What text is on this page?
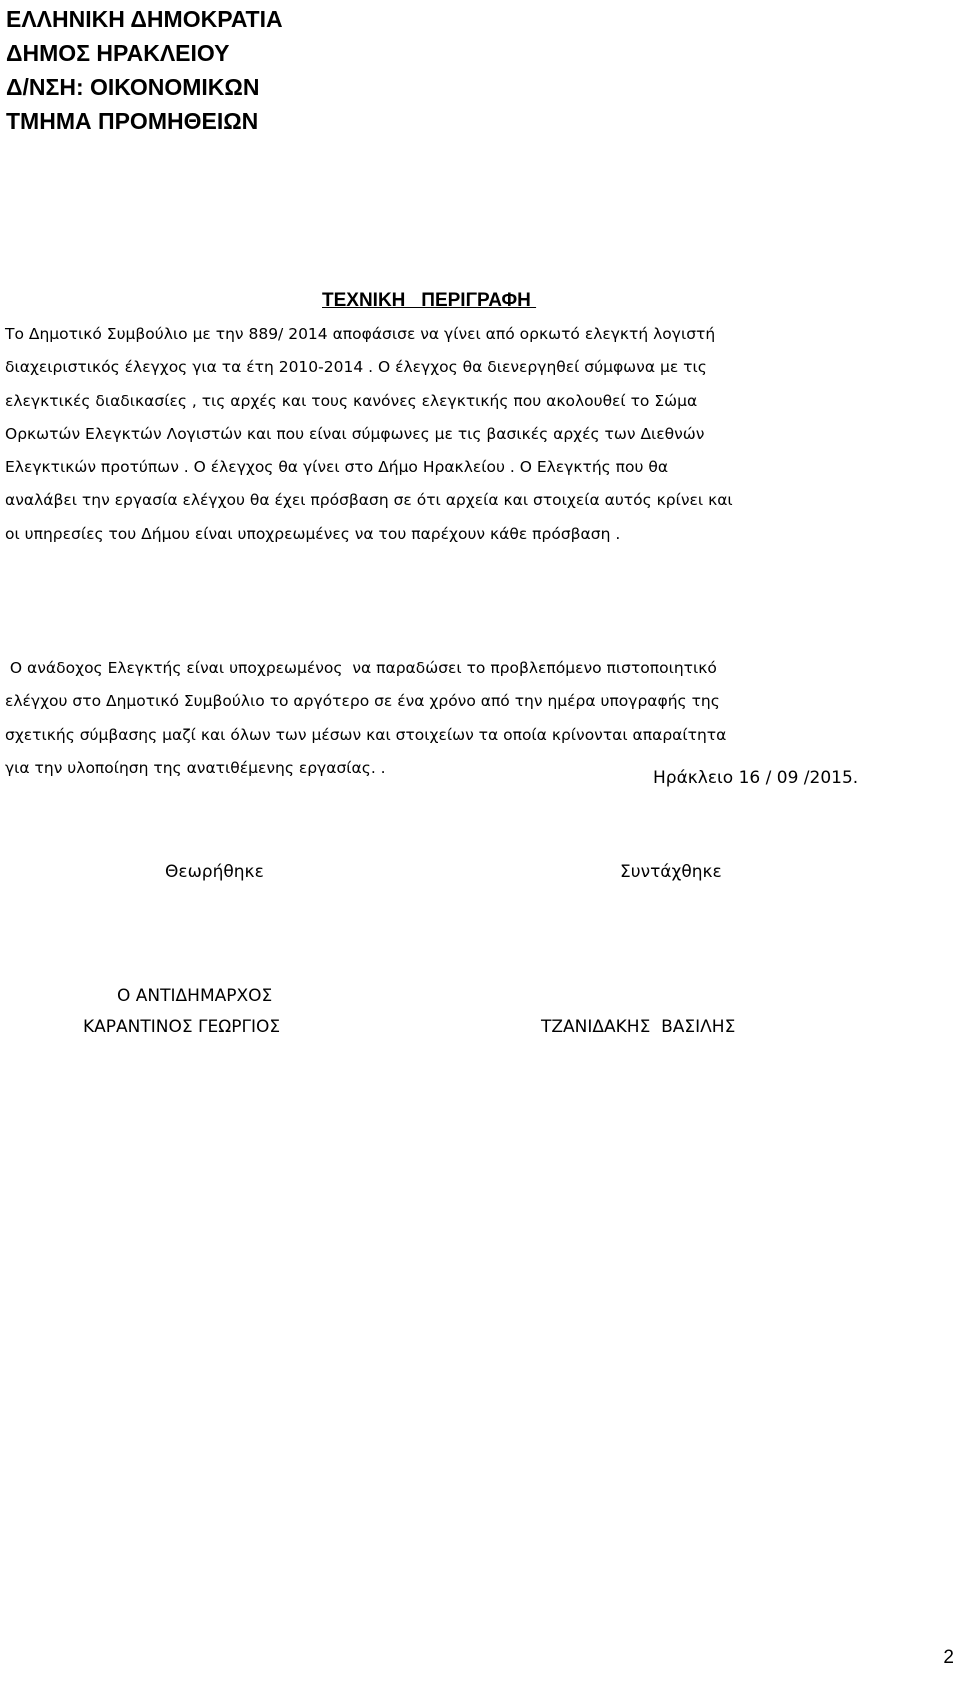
ΕΛΛΗΝΙΚΗ ΔΗΜΟΚΡΑΤΙΑ
ΔΗΜΟΣ ΗΡΑΚΛΕΙΟΥ
Δ/ΝΣΗ: ΟΙΚΟΝΟΜΙΚΩΝ
ΤΜΗΜΑ ΠΡΟΜΗΘΕΙΩΝ
ΤΕΧΝΙΚΗ   ΠΕΡΙΓΡΑΦΗ
Το Δημοτικό Συμβούλιο με την 889/ 2014 αποφάσισε να γίνει από ορκωτό ελεγκτή λογιστή
διαχειριστικός έλεγχος για τα έτη 2010-2014 . Ο έλεγχος θα διενεργηθεί σύμφωνα με τις
ελεγκτικές διαδικασίες , τις αρχές και τους κανόνες ελεγκτικής που ακολουθεί το Σώμα
Ορκωτών Ελεγκτών Λογιστών και που είναι σύμφωνες με τις βασικές αρχές των Διεθνών
Ελεγκτικών προτύπων . Ο έλεγχος θα γίνει στο Δήμο Ηρακλείου . Ο Ελεγκτής που θα
αναλάβει την εργασία ελέγχου θα έχει πρόσβαση σε ότι αρχεία και στοιχεία αυτός κρίνει και
οι υπηρεσίες του Δήμου είναι υποχρεωμένες να του παρέχουν κάθε πρόσβαση .
Ο ανάδοχος Ελεγκτής είναι υποχρεωμένος  να παραδώσει το προβλεπόμενο πιστοποιητικό
ελέγχου στο Δημοτικό Συμβούλιο το αργότερο σε ένα χρόνο από την ημέρα υπογραφής της
σχετικής σύμβασης μαζί και όλων των μέσων και στοιχείων τα οποία κρίνονται απαραίτητα
για την υλοποίηση της ανατιθέμενης εργασίας. .
Ηράκλειο 16 / 09 /2015.
Θεωρήθηκε	Συντάχθηκε
Ο ΑΝΤΙΔΗΜΑΡΧΟΣ
ΚΑΡΑΝΤΙΝΟΣ ΓΕΩΡΓΙΟΣ	ΤΖΑΝΙΔΑΚΗΣ  ΒΑΣΙΛΗΣ
2
